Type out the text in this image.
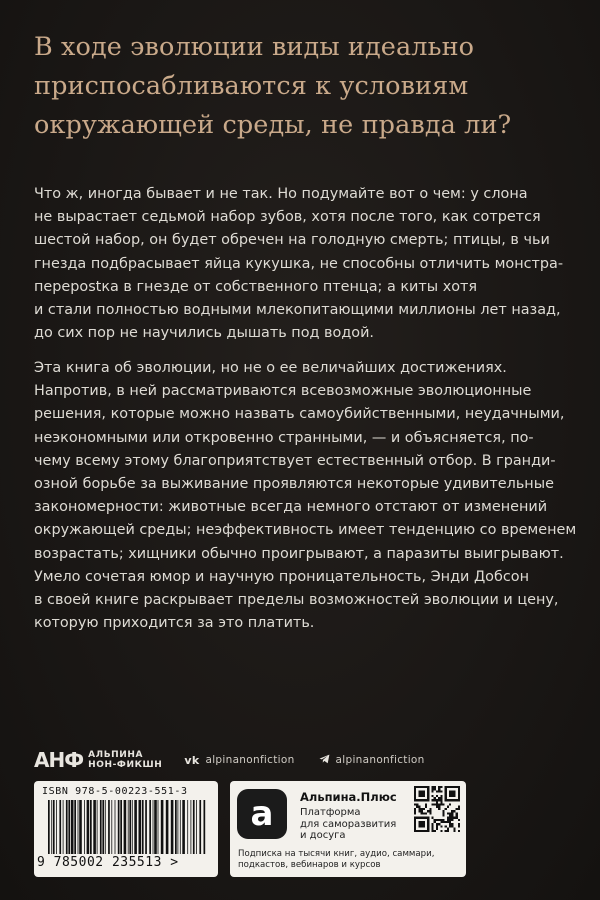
В ходе эволюции виды идеально
приспосабливаются к условиям
окружающей среды, не правда ли?
Что ж, иногда бывает и не так. Но подумайте вот о чем: у слона
не вырастает седьмой набор зубов, хотя после того, как сотрется
шестой набор, он будет обречен на голодную смерть; птицы, в чьи
гнезда подбрасывает яйца кукушка, не способны отличить монстра-
перерostка в гнезде от собственного птенца; а киты хотя
и стали полностью водными млекопитающими миллионы лет назад,
до сих пор не научились дышать под водой.
Эта книга об эволюции, но не о ее величайших достижениях.
Напротив, в ней рассматриваются всевозможные эволюционные
решения, которые можно назвать самоубийственными, неудачными,
неэкономными или откровенно странными, — и объясняется, по-
чему всему этому благоприятствует естественный отбор. В гранди-
озной борьбе за выживание проявляются некоторые удивительные
закономерности: животные всегда немного отстают от изменений
окружающей среды; неэффективность имеет тенденцию со временем
возрастать; хищники обычно проигрывают, а паразиты выигрывают.
Умело сочетая юмор и научную проницательность, Энди Добсон
в своей книге раскрывает пределы возможностей эволюции и цену,
которую приходится за это платить.
АНФ АЛЬПИНА
НОН-ФИКШН vk alpinanonfiction	alpinanonfiction
ISBN 978-5-00223-551-3
9 785002 235513 >
а	Альпина.Плюс
Платформа
для саморазвития
и досуга
Подписка на тысячи книг, аудио, саммари,
подкастов, вебинаров и курсов
